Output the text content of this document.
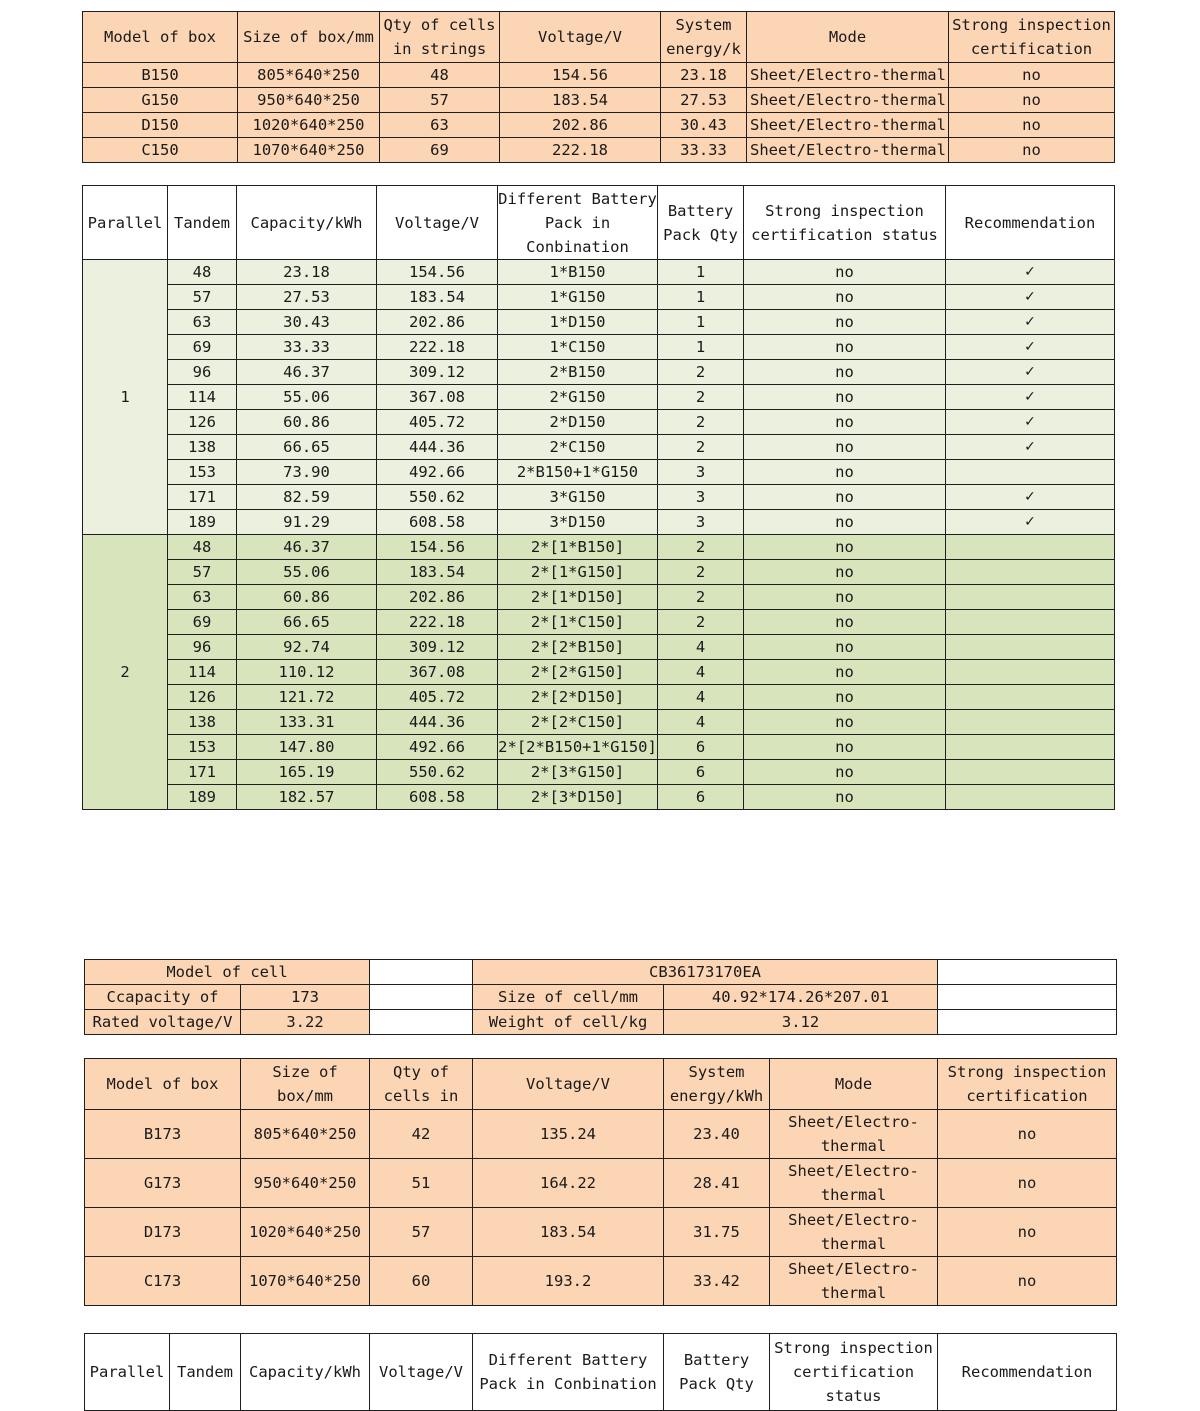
Model of box	Size of box/mm	Qty of cells in strings	Voltage/V	System energy/k	Mode	Strong inspection certification
B150	805*640*250	48	154.56	23.18	Sheet/Electro-thermal	no
G150	950*640*250	57	183.54	27.53	Sheet/Electro-thermal	no
D150	1020*640*250	63	202.86	30.43	Sheet/Electro-thermal	no
C150	1070*640*250	69	222.18	33.33	Sheet/Electro-thermal	no
Parallel	Tandem	Capacity/kWh	Voltage/V	Different Battery Pack in Conbination	Battery Pack Qty	Strong inspection certification status	Recommendation
1	48	23.18	154.56	1*B150	1	no	✓
	57	27.53	183.54	1*G150	1	no	✓
	63	30.43	202.86	1*D150	1	no	✓
	69	33.33	222.18	1*C150	1	no	✓
	96	46.37	309.12	2*B150	2	no	✓
	114	55.06	367.08	2*G150	2	no	✓
	126	60.86	405.72	2*D150	2	no	✓
	138	66.65	444.36	2*C150	2	no	✓
	153	73.90	492.66	2*B150+1*G150	3	no	
	171	82.59	550.62	3*G150	3	no	✓
	189	91.29	608.58	3*D150	3	no	✓
2	48	46.37	154.56	2*[1*B150]	2	no	
	57	55.06	183.54	2*[1*G150]	2	no	
	63	60.86	202.86	2*[1*D150]	2	no	
	69	66.65	222.18	2*[1*C150]	2	no	
	96	92.74	309.12	2*[2*B150]	4	no	
	114	110.12	367.08	2*[2*G150]	4	no	
	126	121.72	405.72	2*[2*D150]	4	no	
	138	133.31	444.36	2*[2*C150]	4	no	
	153	147.80	492.66	2*[2*B150+1*G150]	6	no	
	171	165.19	550.62	2*[3*G150]	6	no	
	189	182.57	608.58	2*[3*D150]	6	no	
Model of cell			CB36173170EA		
Ccapacity of	173		Size of cell/mm	40.92*174.26*207.01	
Rated voltage/V	3.22		Weight of cell/kg	3.12	
Model of box	Size of box/mm	Qty of cells in	Voltage/V	System energy/kWh	Mode	Strong inspection certification
B173	805*640*250	42	135.24	23.40	Sheet/Electro-thermal	no
G173	950*640*250	51	164.22	28.41	Sheet/Electro-thermal	no
D173	1020*640*250	57	183.54	31.75	Sheet/Electro-thermal	no
C173	1070*640*250	60	193.2	33.42	Sheet/Electro-thermal	no
Parallel	Tandem	Capacity/kWh	Voltage/V	Different Battery Pack in Conbination	Battery Pack Qty	Strong inspection certification status	Recommendation
